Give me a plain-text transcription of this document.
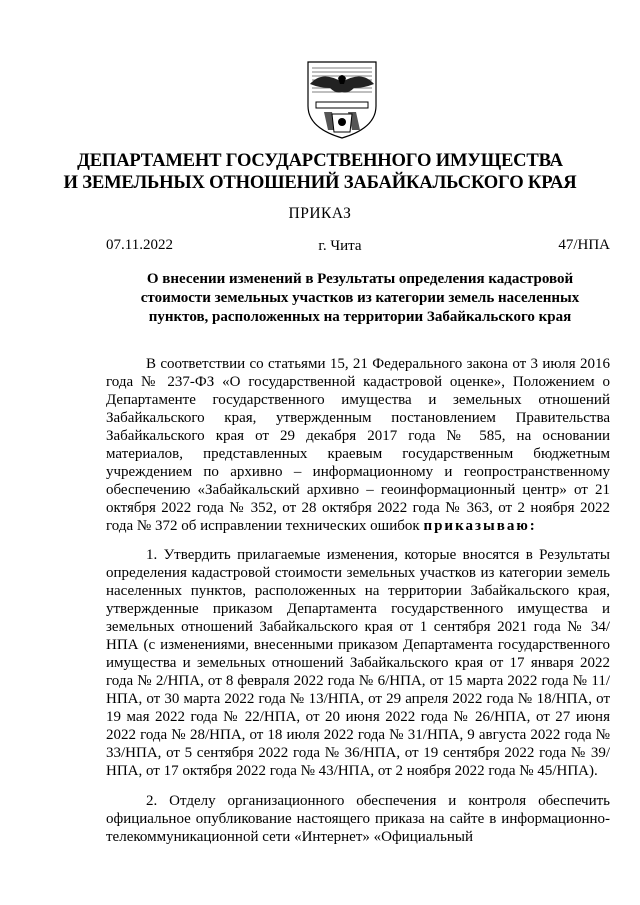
ДЕПАРТАМЕНТ ГОСУДАРСТВЕННОГО ИМУЩЕСТВА
И ЗЕМЕЛЬНЫХ ОТНОШЕНИЙ ЗАБАЙКАЛЬСКОГО КРАЯ
ПРИКАЗ
07.11.2022	г. Чита	47/НПА
О внесении изменений в Результаты определения кадастровой
стоимости земельных участков из категории земель населенных
пунктов, расположенных на территории Забайкальского края

В соответствии со статьями 15, 21 Федерального закона от 3 июля 2016 года № 237-ФЗ «О государственной кадастровой оценке», Положением о Департаменте государственного имущества и земельных отношений Забайкальского края, утвержденным постановлением Правительства Забайкальского края от 29 декабря 2017 года № 585, на основании материалов, представленных краевым государственным бюджетным учреждением по архивно – информационному и геопространственному обеспечению «Забайкальский архивно – геоинформационный центр» от 21 октября 2022 года № 352, от 28 октября 2022 года № 363, от 2 ноября 2022 года № 372 об исправлении технических ошибок приказываю:

1. Утвердить прилагаемые изменения, которые вносятся в Результаты определения кадастровой стоимости земельных участков из категории земель населенных пунктов, расположенных на территории Забайкальского края, утвержденные приказом Департамента государственного имущества и земельных отношений Забайкальского края от 1 сентября 2021 года № 34/НПА (с изменениями, внесенными приказом Департамента государственного имущества и земельных отношений Забайкальского края от 17 января 2022 года № 2/НПА, от 8 февраля 2022 года № 6/НПА, от 15 марта 2022 года № 11/НПА, от 30 марта 2022 года № 13/НПА, от 29 апреля 2022 года № 18/НПА, от 19 мая 2022 года № 22/НПА, от 20 июня 2022 года № 26/НПА, от 27 июня 2022 года № 28/НПА, от 18 июля 2022 года № 31/НПА, 9 августа 2022 года № 33/НПА, от 5 сентября 2022 года № 36/НПА, от 19 сентября 2022 года № 39/НПА, от 17 октября 2022 года № 43/НПА, от 2 ноября 2022 года № 45/НПА).

2. Отделу организационного обеспечения и контроля обеспечить официальное опубликование настоящего приказа на сайте в информационно-телекоммуникационной сети «Интернет» «Официальный
